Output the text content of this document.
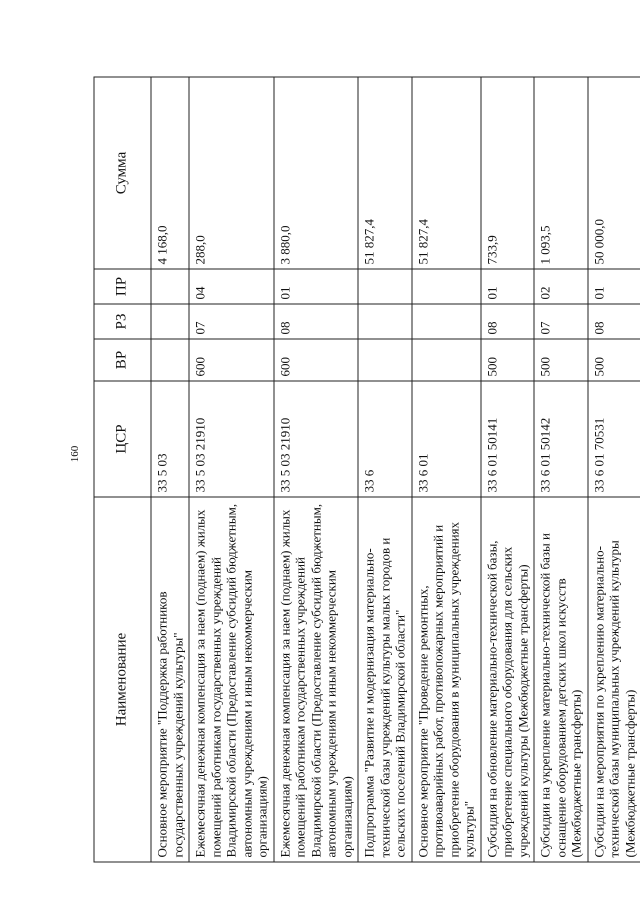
160
Наименование	ЦСР	ВР	РЗ	ПР	Сумма
Основное мероприятие "Поддержка работников государственных учреждений культуры"	33 5 03				4 168,0
Ежемесячная денежная компенсация за наем (поднаем) жилых помещений работникам государственных учреждений Владимирской области (Предоставление субсидий бюджетным, автономным учреждениям и иным некоммерческим организациям)	33 5 03 21910	600	07	04	288,0
Ежемесячная денежная компенсация за наем (поднаем) жилых помещений работникам государственных учреждений Владимирской области (Предоставление субсидий бюджетным, автономным учреждениям и иным некоммерческим организациям)	33 5 03 21910	600	08	01	3 880,0
Подпрограмма "Развитие и модернизация материально-технической базы учреждений культуры малых городов и сельских поселений Владимирской области"	33 6				51 827,4
Основное мероприятие "Проведение ремонтных, противоаварийных работ, противопожарных мероприятий и приобретение оборудования в муниципальных учреждениях культуры"	33 6 01				51 827,4
Субсидия на обновление материально-технической базы, приобретение специального оборудования для сельских учреждений культуры (Межбюджетные трансферты)	33 6 01 50141	500	08	01	733,9
Субсидии на укрепление материально-технической базы и оснащение оборудованием детских школ искусств (Межбюджетные трансферты)	33 6 01 50142	500	07	02	1 093,5
Субсидии на мероприятия по укреплению материально-технической базы муниципальных учреждений культуры (Межбюджетные трансферты)	33 6 01 70531	500	08	01	50 000,0
